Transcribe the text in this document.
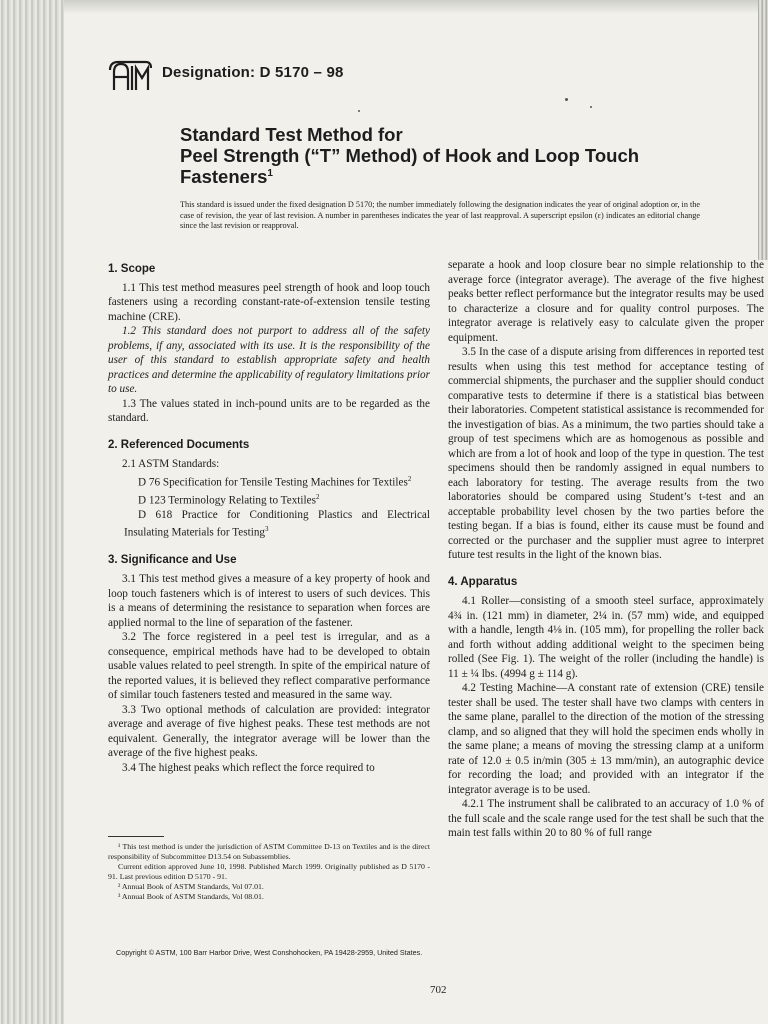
Designation: D 5170 – 98
Standard Test Method for
Peel Strength (“T” Method) of Hook and Loop Touch
Fasteners$^1$
This standard is issued under the fixed designation D 5170; the number immediately following the designation indicates the year of original adoption or, in the case of revision, the year of last revision. A number in parentheses indicates the year of last reapproval. A superscript epsilon (ε) indicates an editorial change since the last revision or reapproval.
1. Scope

1.1 This test method measures peel strength of hook and loop touch fasteners using a recording constant-rate-of-extension tensile testing machine (CRE).

1.2 This standard does not purport to address all of the safety problems, if any, associated with its use. It is the responsibility of the user of this standard to establish appropriate safety and health practices and determine the applicability of regulatory limitations prior to use.

1.3 The values stated in inch-pound units are to be regarded as the standard.

2. Referenced Documents

2.1 ASTM Standards:

D 76 Specification for Tensile Testing Machines for Textiles$^2$

D 123 Terminology Relating to Textiles$^2$

D 618 Practice for Conditioning Plastics and Electrical Insulating Materials for Testing$^3$

3. Significance and Use

3.1 This test method gives a measure of a key property of hook and loop touch fasteners which is of interest to users of such devices. This is a means of determining the resistance to separation when forces are applied normal to the line of separation of the fastener.

3.2 The force registered in a peel test is irregular, and as a consequence, empirical methods have had to be developed to obtain usable values related to peel strength. In spite of the empirical nature of the reported values, it is believed they reflect comparative performance of similar touch fasteners tested and measured in the same way.

3.3 Two optional methods of calculation are provided: integrator average and average of five highest peaks. These test methods are not equivalent. Generally, the integrator average will be lower than the average of the five highest peaks.

3.4 The highest peaks which reflect the force required to

¹ This test method is under the jurisdiction of ASTM Committee D-13 on Textiles and is the direct responsibility of Subcommittee D13.54 on Subassemblies.

Current edition approved June 10, 1998. Published March 1999. Originally published as D 5170 - 91. Last previous edition D 5170 - 91.

² Annual Book of ASTM Standards, Vol 07.01.

³ Annual Book of ASTM Standards, Vol 08.01.

separate a hook and loop closure bear no simple relationship to the average force (integrator average). The average of the five highest peaks better reflect performance but the integrator results may be used to characterize a closure and for quality control purposes. The integrator average is relatively easy to calculate given the proper equipment.

3.5 In the case of a dispute arising from differences in reported test results when using this test method for acceptance testing of commercial shipments, the purchaser and the supplier should conduct comparative tests to determine if there is a statistical bias between their laboratories. Competent statistical assistance is recommended for the investigation of bias. As a minimum, the two parties should take a group of test specimens which are as homogenous as possible and which are from a lot of hook and loop of the type in question. The test specimens should then be randomly assigned in equal numbers to each laboratory for testing. The average results from the two laboratories should be compared using Student’s t-test and an acceptable probability level chosen by the two parties before the testing began. If a bias is found, either its cause must be found and corrected or the purchaser and the supplier must agree to interpret future test results in the light of the known bias.

4. Apparatus

4.1 Roller—consisting of a smooth steel surface, approximately 4¾ in. (121 mm) in diameter, 2¼ in. (57 mm) wide, and equipped with a handle, length 4⅛ in. (105 mm), for propelling the roller back and forth without adding additional weight to the specimen being rolled (See Fig. 1). The weight of the roller (including the handle) is 11 ± ¼ lbs. (4994 g ± 114 g).

4.2 Testing Machine—A constant rate of extension (CRE) tensile tester shall be used. The tester shall have two clamps with centers in the same plane, parallel to the direction of the motion of the stressing clamp, and so aligned that they will hold the specimen ends wholly in the same plane; a means of moving the stressing clamp at a uniform rate of 12.0 ± 0.5 in/min (305 ± 13 mm/min), an autographic device for recording the load; and provided with an integrator if the integrator average is to be used.

4.2.1 The instrument shall be calibrated to an accuracy of 1.0 % of the full scale and the scale range used for the test shall be such that the main test falls within 20 to 80 % of full range

Copyright © ASTM, 100 Barr Harbor Drive, West Conshohocken, PA 19428-2959, United States.
702
